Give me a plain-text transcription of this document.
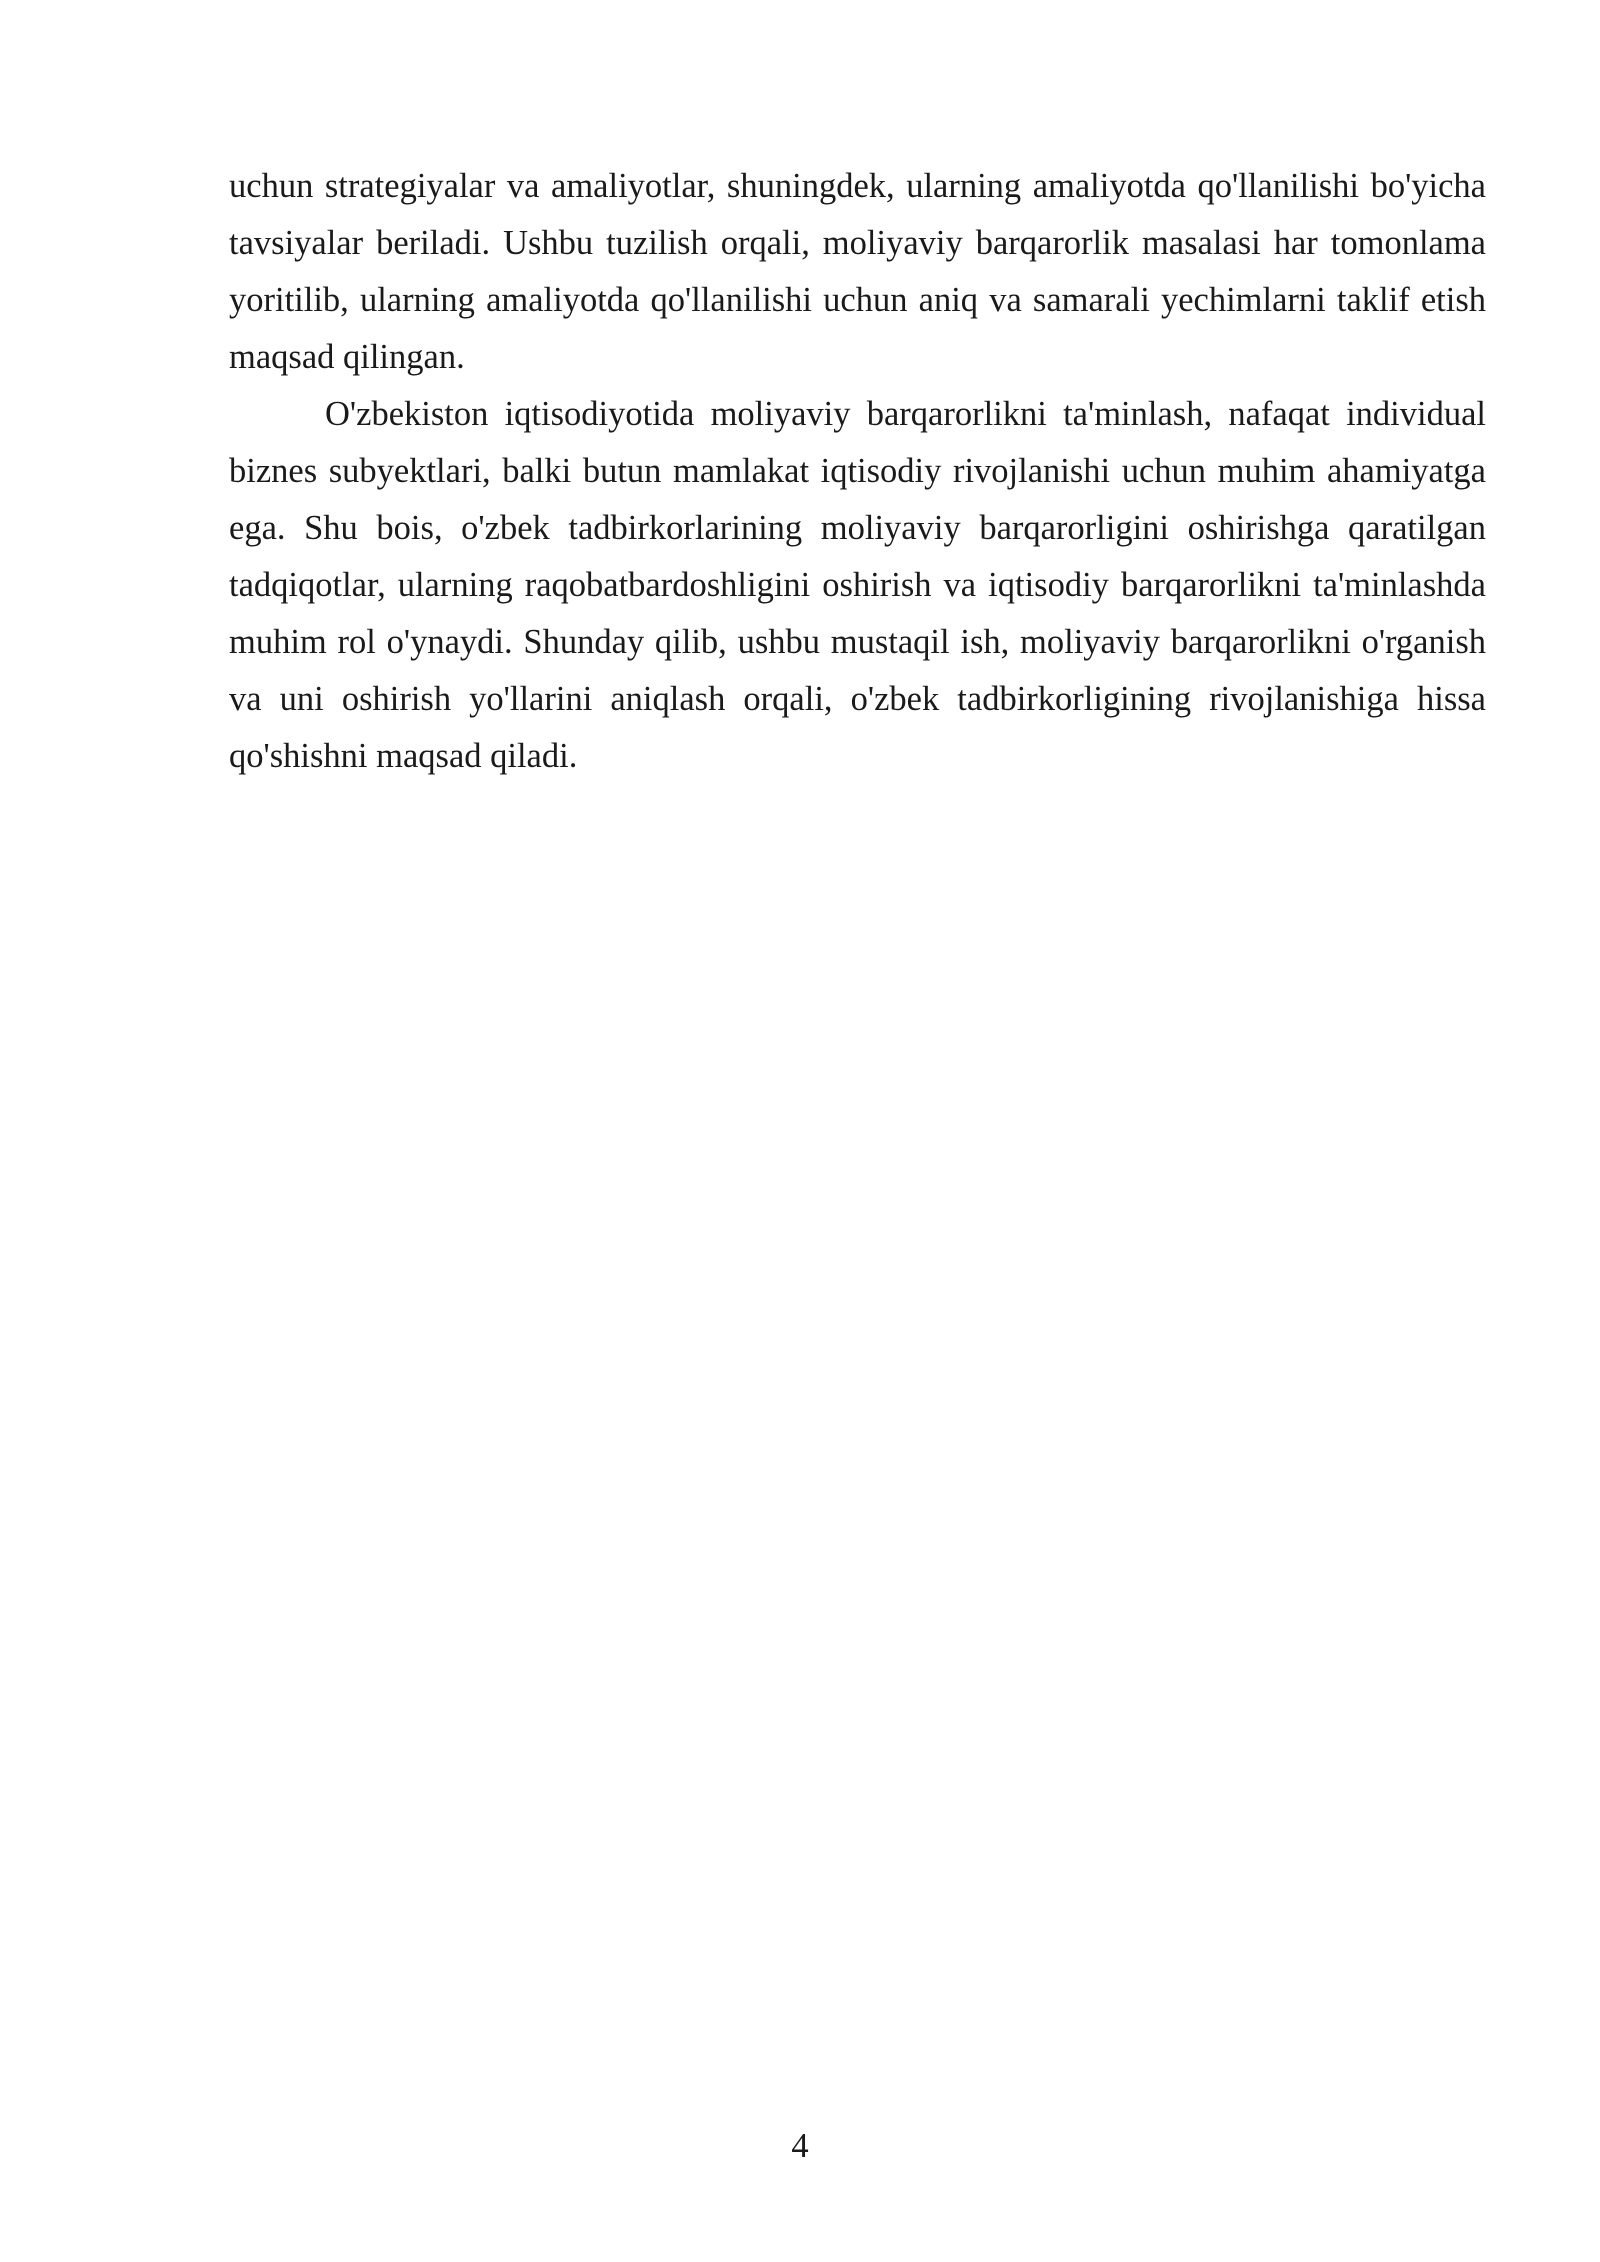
uchun strategiyalar va amaliyotlar, shuningdek, ularning amaliyotda qo'llanilishi bo'yicha tavsiyalar beriladi. Ushbu tuzilish orqali, moliyaviy barqarorlik masalasi har tomonlama yoritilib, ularning amaliyotda qo'llanilishi uchun aniq va samarali yechimlarni taklif etish maqsad qilingan.

O'zbekiston iqtisodiyotida moliyaviy barqarorlikni ta'minlash, nafaqat individual biznes subyektlari, balki butun mamlakat iqtisodiy rivojlanishi uchun muhim ahamiyatga ega. Shu bois, o'zbek tadbirkorlarining moliyaviy barqarorligini oshirishga qaratilgan tadqiqotlar, ularning raqobatbardoshligini oshirish va iqtisodiy barqarorlikni ta'minlashda muhim rol o'ynaydi. Shunday qilib, ushbu mustaqil ish, moliyaviy barqarorlikni o'rganish va uni oshirish yo'llarini aniqlash orqali, o'zbek tadbirkorligining rivojlanishiga hissa qo'shishni maqsad qiladi.

4
